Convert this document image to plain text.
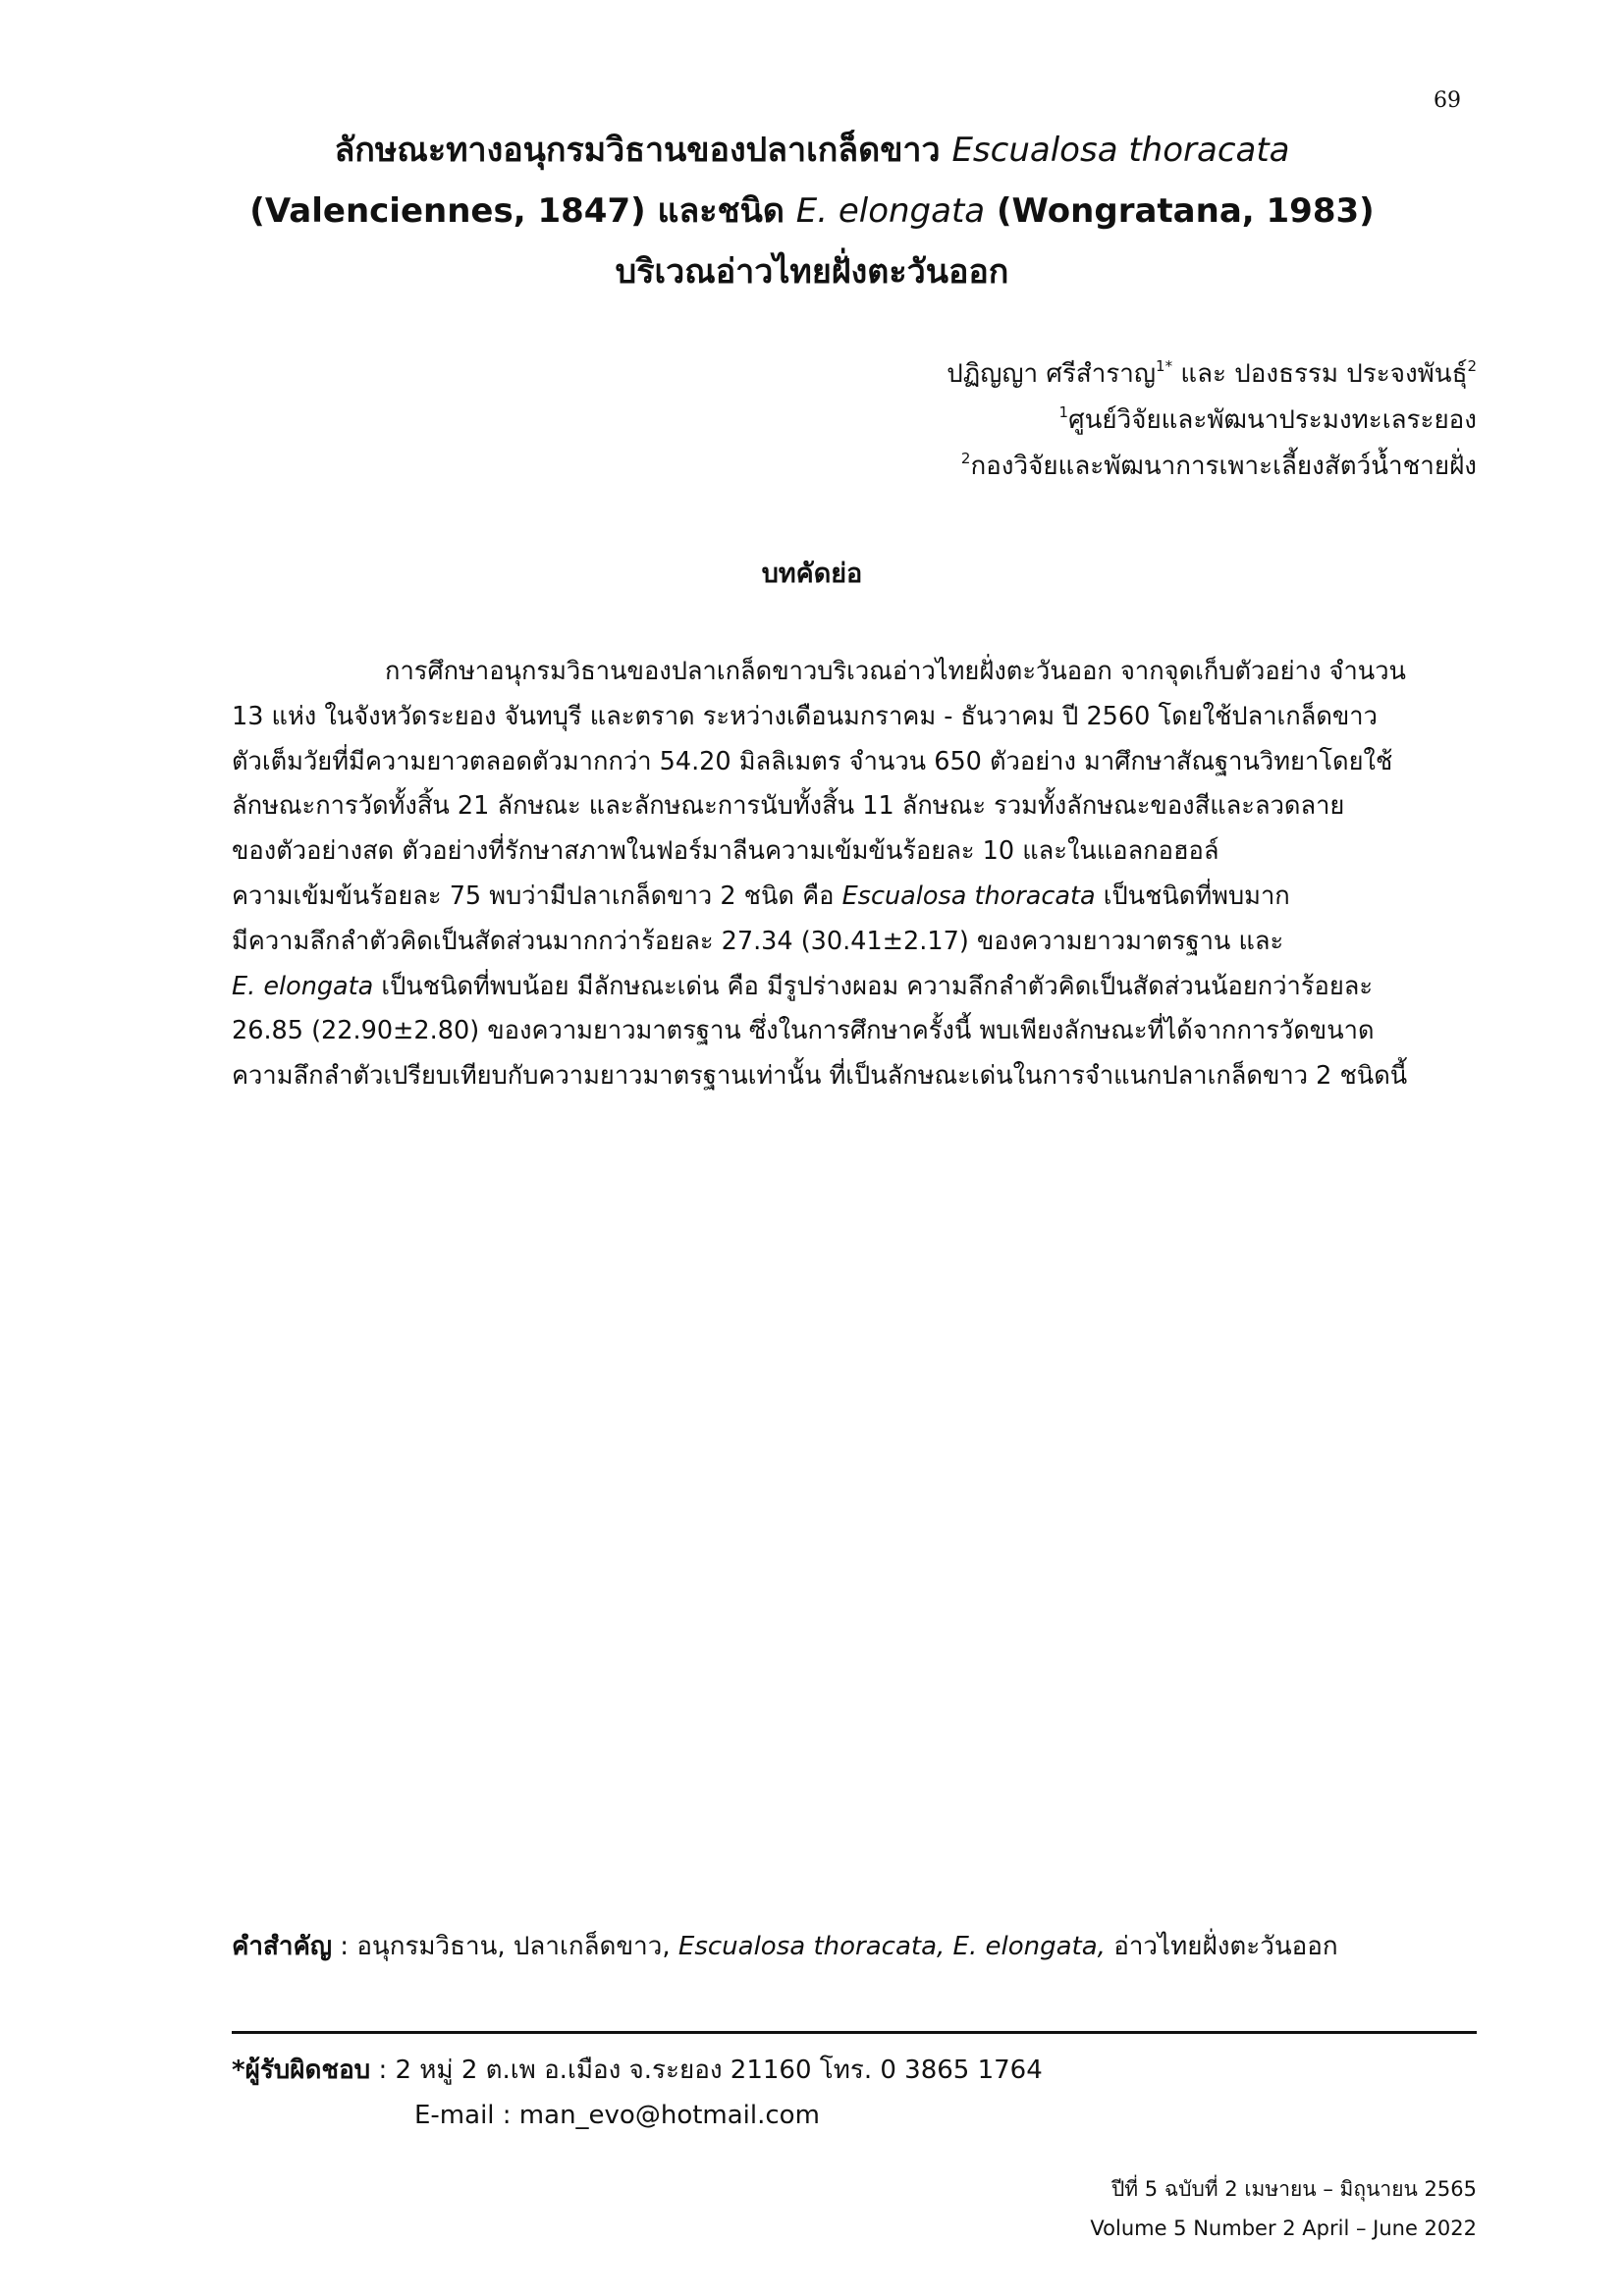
69
ลักษณะทางอนุกรมวิธานของปลาเกล็ดขาว Escualosa thoracata
(Valenciennes, 1847) และชนิด E. elongata (Wongratana, 1983)
บริเวณอ่าวไทยฝั่งตะวันออก
ปฏิญญา ศรีสำราญ$^{1*}$ และ ปองธรรม ประจงพันธุ์$^2$
$^1$ศูนย์วิจัยและพัฒนาประมงทะเลระยอง
$^2$กองวิจัยและพัฒนาการเพาะเลี้ยงสัตว์น้ำชายฝั่ง
บทคัดย่อ
การศึกษาอนุกรมวิธานของปลาเกล็ดขาวบริเวณอ่าวไทยฝั่งตะวันออก จากจุดเก็บตัวอย่าง จำนวน
13 แห่ง ในจังหวัดระยอง จันทบุรี และตราด ระหว่างเดือนมกราคม - ธันวาคม ปี 2560 โดยใช้ปลาเกล็ดขาว
ตัวเต็มวัยที่มีความยาวตลอดตัวมากกว่า 54.20 มิลลิเมตร จำนวน 650 ตัวอย่าง มาศึกษาสัณฐานวิทยาโดยใช้
ลักษณะการวัดทั้งสิ้น 21 ลักษณะ และลักษณะการนับทั้งสิ้น 11 ลักษณะ รวมทั้งลักษณะของสีและลวดลาย
ของตัวอย่างสด ตัวอย่างที่รักษาสภาพในฟอร์มาลีนความเข้มข้นร้อยละ 10 และในแอลกอฮอล์
ความเข้มข้นร้อยละ 75 พบว่ามีปลาเกล็ดขาว 2 ชนิด คือ Escualosa thoracata เป็นชนิดที่พบมาก
มีความลึกลำตัวคิดเป็นสัดส่วนมากกว่าร้อยละ 27.34 (30.41±2.17) ของความยาวมาตรฐาน และ
E. elongata เป็นชนิดที่พบน้อย มีลักษณะเด่น คือ มีรูปร่างผอม ความลึกลำตัวคิดเป็นสัดส่วนน้อยกว่าร้อยละ
26.85 (22.90±2.80) ของความยาวมาตรฐาน ซึ่งในการศึกษาครั้งนี้ พบเพียงลักษณะที่ได้จากการวัดขนาด
ความลึกลำตัวเปรียบเทียบกับความยาวมาตรฐานเท่านั้น ที่เป็นลักษณะเด่นในการจำแนกปลาเกล็ดขาว 2 ชนิดนี้
คำสำคัญ : อนุกรมวิธาน, ปลาเกล็ดขาว, Escualosa thoracata, E. elongata, อ่าวไทยฝั่งตะวันออก
*ผู้รับผิดชอบ : 2 หมู่ 2 ต.เพ อ.เมือง จ.ระยอง 21160 โทร. 0 3865 1764
E-mail : man_evo@hotmail.com
ปีที่ 5 ฉบับที่ 2 เมษายน – มิถุนายน 2565
Volume 5 Number 2 April – June 2022
